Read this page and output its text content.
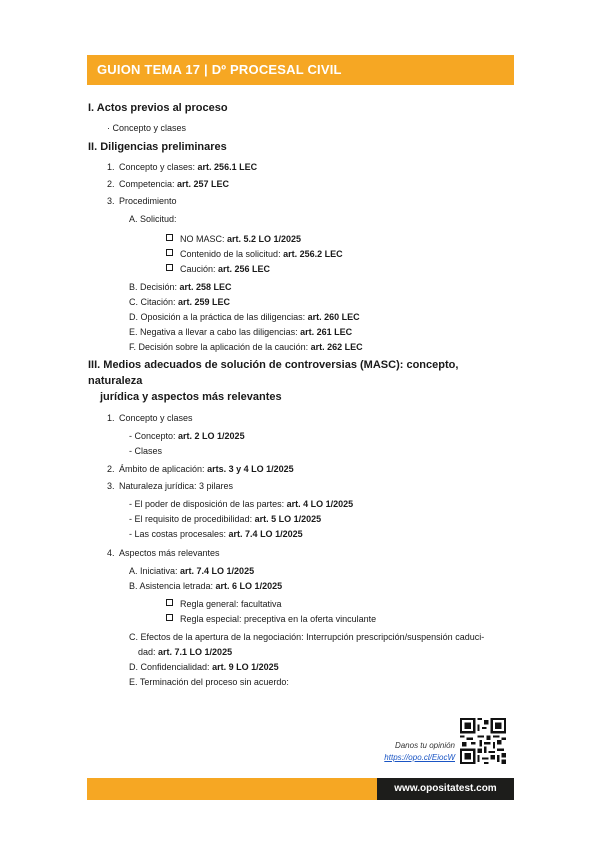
GUION TEMA 17 | Dº PROCESAL CIVIL
I. Actos previos al proceso
· Concepto y clases
II. Diligencias preliminares
1. Concepto y clases: art. 256.1 LEC
2. Competencia: art. 257 LEC
3. Procedimiento
A. Solicitud:
NO MASC: art. 5.2 LO 1/2025
Contenido de la solicitud: art. 256.2 LEC
Caución: art. 256 LEC
B. Decisión: art. 258 LEC
C. Citación: art. 259 LEC
D. Oposición a la práctica de las diligencias: art. 260 LEC
E. Negativa a llevar a cabo las diligencias: art. 261 LEC
F. Decisión sobre la aplicación de la caución: art. 262 LEC
III. Medios adecuados de solución de controversias (MASC): concepto, naturaleza
jurídica y aspectos más relevantes
1. Concepto y clases
- Concepto: art. 2 LO 1/2025
- Clases
2. Ámbito de aplicación: arts. 3 y 4 LO 1/2025
3. Naturaleza jurídica: 3 pilares
- El poder de disposición de las partes: art. 4 LO 1/2025
- El requisito de procedibilidad: art. 5 LO 1/2025
- Las costas procesales: art. 7.4 LO 1/2025
4. Aspectos más relevantes
A. Iniciativa: art. 7.4 LO 1/2025
B. Asistencia letrada: art. 6 LO 1/2025
Regla general: facultativa
Regla especial: preceptiva en la oferta vinculante
C. Efectos de la apertura de la negociación: Interrupción prescripción/suspensión caduci-
dad: art. 7.1 LO 1/2025
D. Confidencialidad: art. 9 LO 1/2025
E. Terminación del proceso sin acuerdo:
Danos tu opinión
https://opo.cl/EiocW
www.opositatest.com
